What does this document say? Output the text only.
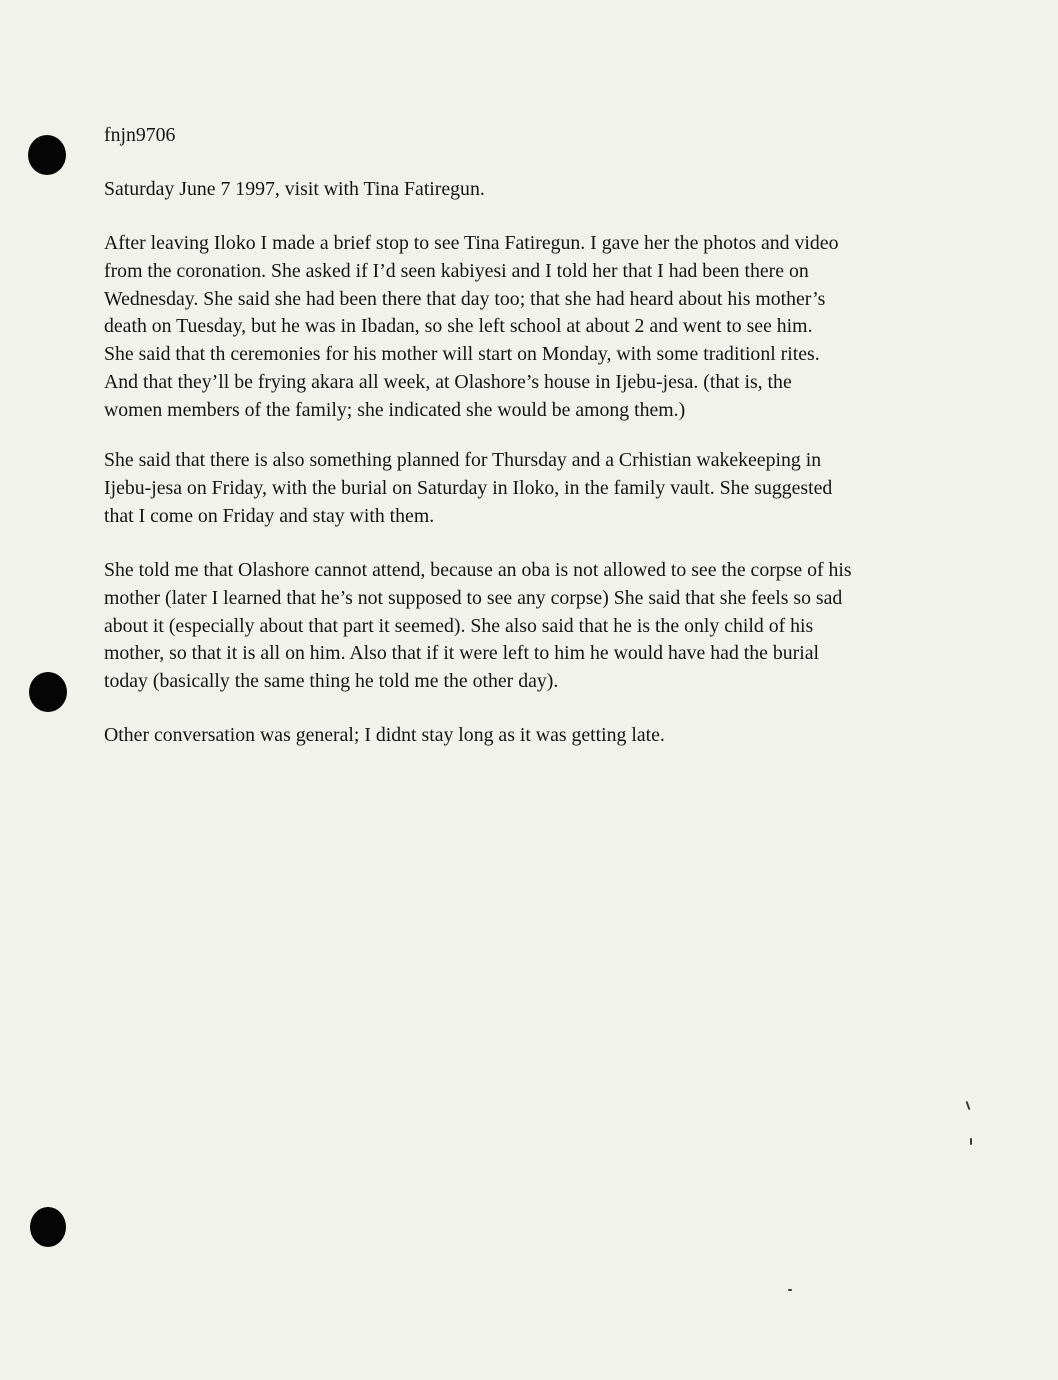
fnjn9706

Saturday June 7 1997, visit with Tina Fatiregun.

After leaving Iloko I made a brief stop to see Tina Fatiregun. I gave her the photos and video
from the coronation. She asked if I’d seen kabiyesi and I told her that I had been there on
Wednesday. She said she had been there that day too; that she had heard about his mother’s
death on Tuesday, but he was in Ibadan, so she left school at about 2 and went to see him.
She said that th ceremonies for his mother will start on Monday, with some traditionl rites.
And that they’ll be frying akara all week, at Olashore’s house in Ijebu-jesa. (that is, the
women members of the family; she indicated she would be among them.)

She said that there is also something planned for Thursday and a Crhistian wakekeeping in
Ijebu-jesa on Friday, with the burial on Saturday in Iloko, in the family vault. She suggested
that I come on Friday and stay with them.

She told me that Olashore cannot attend, because an oba is not allowed to see the corpse of his
mother (later I learned that he’s not supposed to see any corpse) She said that she feels so sad
about it (especially about that part it seemed). She also said that he is the only child of his
mother, so that it is all on him. Also that if it were left to him he would have had the burial
today (basically the same thing he told me the other day).

Other conversation was general; I didnt stay long as it was getting late.
